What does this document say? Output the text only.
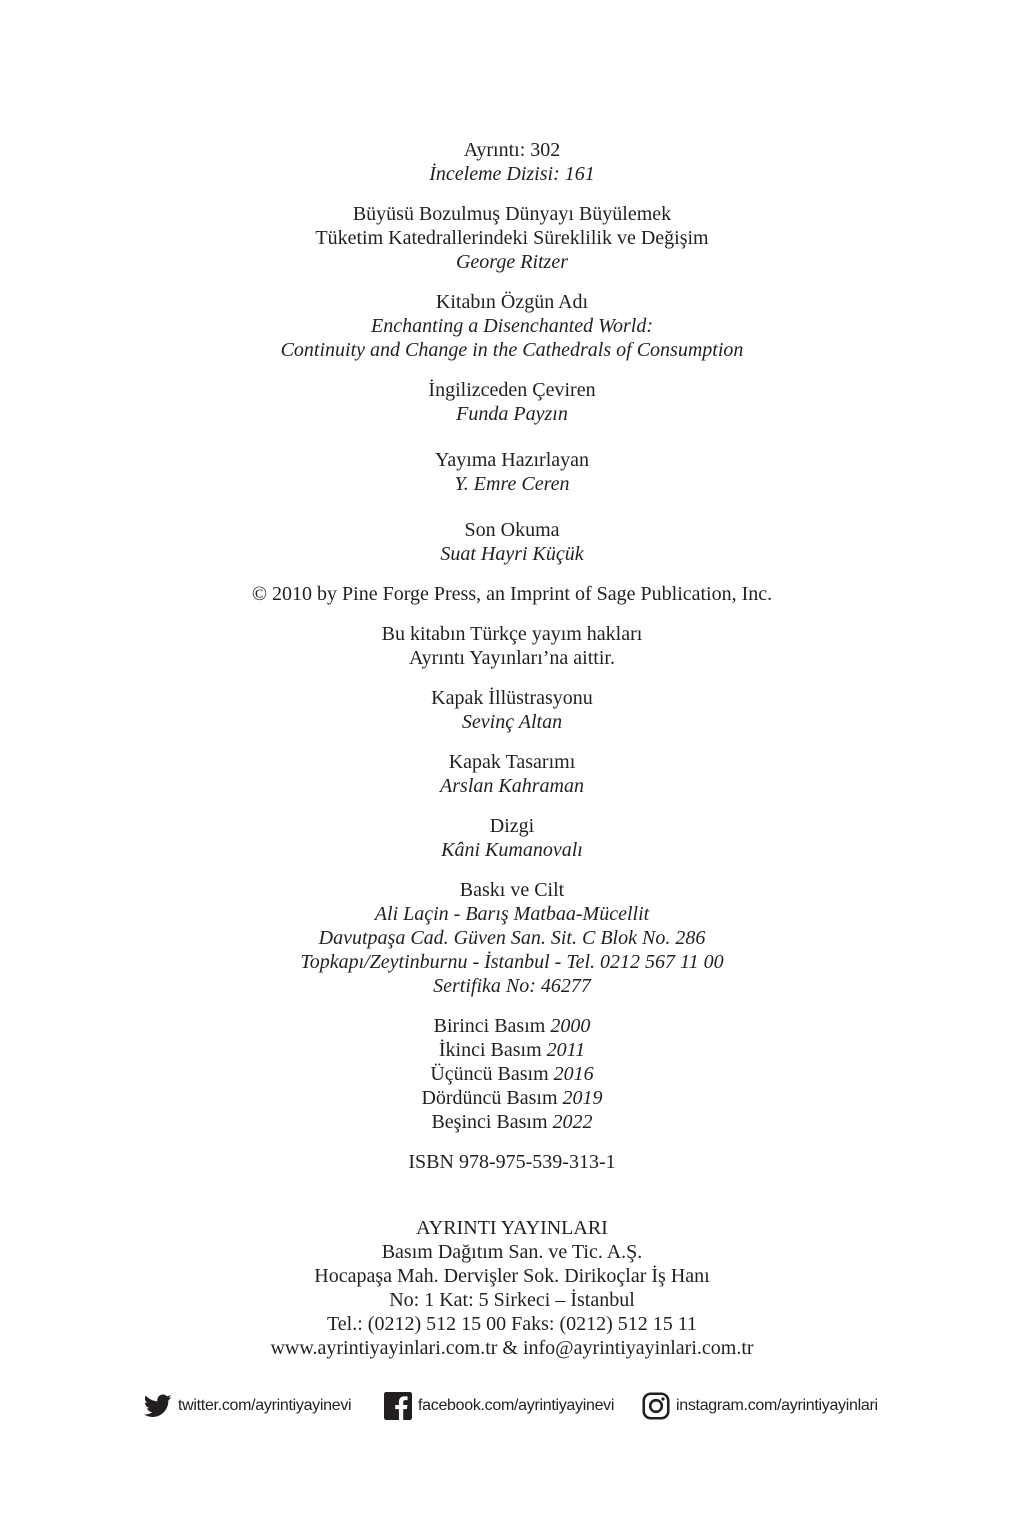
Ayrıntı: 302
İnceleme Dizisi: 161
Büyüsü Bozulmuş Dünyayı Büyülemek
Tüketim Katedrallerindeki Süreklilik ve Değişim
George Ritzer
Kitabın Özgün Adı
Enchanting a Disenchanted World:
Continuity and Change in the Cathedrals of Consumption
İngilizceden Çeviren
Funda Payzın
Yayıma Hazırlayan
Y. Emre Ceren
Son Okuma
Suat Hayri Küçük
© 2010 by Pine Forge Press, an Imprint of Sage Publication, Inc.
Bu kitabın Türkçe yayım hakları
Ayrıntı Yayınları’na aittir.
Kapak İllüstrasyonu
Sevinç Altan
Kapak Tasarımı
Arslan Kahraman
Dizgi
Kâni Kumanovalı
Baskı ve Cilt
Ali Laçin - Barış Matbaa-Mücellit
Davutpaşa Cad. Güven San. Sit. C Blok No. 286
Topkapı/Zeytinburnu - İstanbul - Tel. 0212 567 11 00
Sertifika No: 46277
Birinci Basım 2000
İkinci Basım 2011
Üçüncü Basım 2016
Dördüncü Basım 2019
Beşinci Basım 2022
ISBN 978-975-539-313-1
AYRINTI YAYINLARI
Basım Dağıtım San. ve Tic. A.Ş.
Hocapaşa Mah. Dervişler Sok. Dirikoçlar İş Hanı
No: 1 Kat: 5 Sirkeci – İstanbul
Tel.: (0212) 512 15 00 Faks: (0212) 512 15 11
www.ayrintiyayinlari.com.tr & info@ayrintiyayinlari.com.tr
twitter.com/ayrintiyayinevi	facebook.com/ayrintiyayinevi	instagram.com/ayrintiyayinlari
